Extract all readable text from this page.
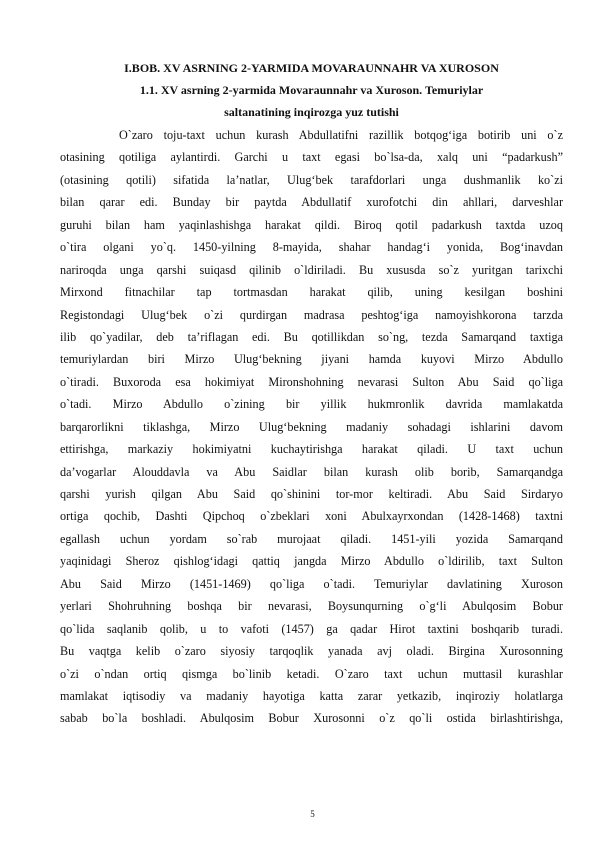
I.BOB. XV ASRNING 2-YARMIDA MOVARAUNNAHR VA XUROSON
1.1. XV asrning 2-yarmida Movaraunnahr va Xuroson. Temuriylar
saltanatining inqirozga yuz tutishi
O`zaro toju-taxt uchun kurash Abdullatifni razillik botqog‘iga botirib uni o`z
otasining qotiliga aylantirdi. Garchi u taxt egasi bo`lsa-da, xalq uni “padarkush”
(otasining qotili) sifatida la’natlar, Ulug‘bek tarafdorlari unga dushmanlik ko`zi
bilan qarar edi. Bunday bir paytda Abdullatif xurofotchi din ahllari, darveshlar
guruhi bilan ham yaqinlashishga harakat qildi. Biroq qotil padarkush taxtda uzoq
o`tira olgani yo`q. 1450-yilning 8-mayida, shahar handag‘i yonida, Bog‘inavdan
nariroqda unga qarshi suiqasd qilinib o`ldiriladi. Bu xususda so`z yuritgan tarixchi
Mirxond fitnachilar tap tortmasdan harakat qilib, uning kesilgan boshini
Registondagi Ulug‘bek o`zi qurdirgan madrasa peshtog‘iga namoyishkorona tarzda
ilib qo`yadilar, deb ta’riflagan edi. Bu qotillikdan so`ng, tezda Samarqand taxtiga
temuriylardan biri Mirzo Ulug‘bekning jiyani hamda kuyovi Mirzo Abdullo
o`tiradi. Buxoroda esa hokimiyat Mironshohning nevarasi Sulton Abu Said qo`liga
o`tadi. Mirzo Abdullo o`zining bir yillik hukmronlik davrida mamlakatda
barqarorlikni tiklashga, Mirzo Ulug‘bekning madaniy sohadagi ishlarini davom
ettirishga, markaziy hokimiyatni kuchaytirishga harakat qiladi. U taxt uchun
da’vogarlar Alouddavla va Abu Saidlar bilan kurash olib borib, Samarqandga
qarshi yurish qilgan Abu Said qo`shinini tor-mor keltiradi. Abu Said Sirdaryo
ortiga qochib, Dashti Qipchoq o`zbeklari xoni Abulxayrxondan (1428-1468) taxtni
egallash uchun yordam so`rab murojaat qiladi. 1451-yili yozida Samarqand
yaqinidagi Sheroz qishlog‘idagi qattiq jangda Mirzo Abdullo o`ldirilib, taxt Sulton
Abu Said Mirzo (1451-1469) qo`liga o`tadi. Temuriylar davlatining Xuroson
yerlari Shohruhning boshqa bir nevarasi, Boysunqurning o`g‘li Abulqosim Bobur
qo`lida saqlanib qolib, u to vafoti (1457) ga qadar Hirot taxtini boshqarib turadi.
Bu vaqtga kelib o`zaro siyosiy tarqoqlik yanada avj oladi. Birgina Xurosonning
o`zi o`ndan ortiq qismga bo`linib ketadi. O`zaro taxt uchun muttasil kurashlar
mamlakat iqtisodiy va madaniy hayotiga katta zarar yetkazib, inqiroziy holatlarga
sabab bo`la boshladi. Abulqosim Bobur Xurosonni o`z qo`li ostida birlashtirishga,
5
